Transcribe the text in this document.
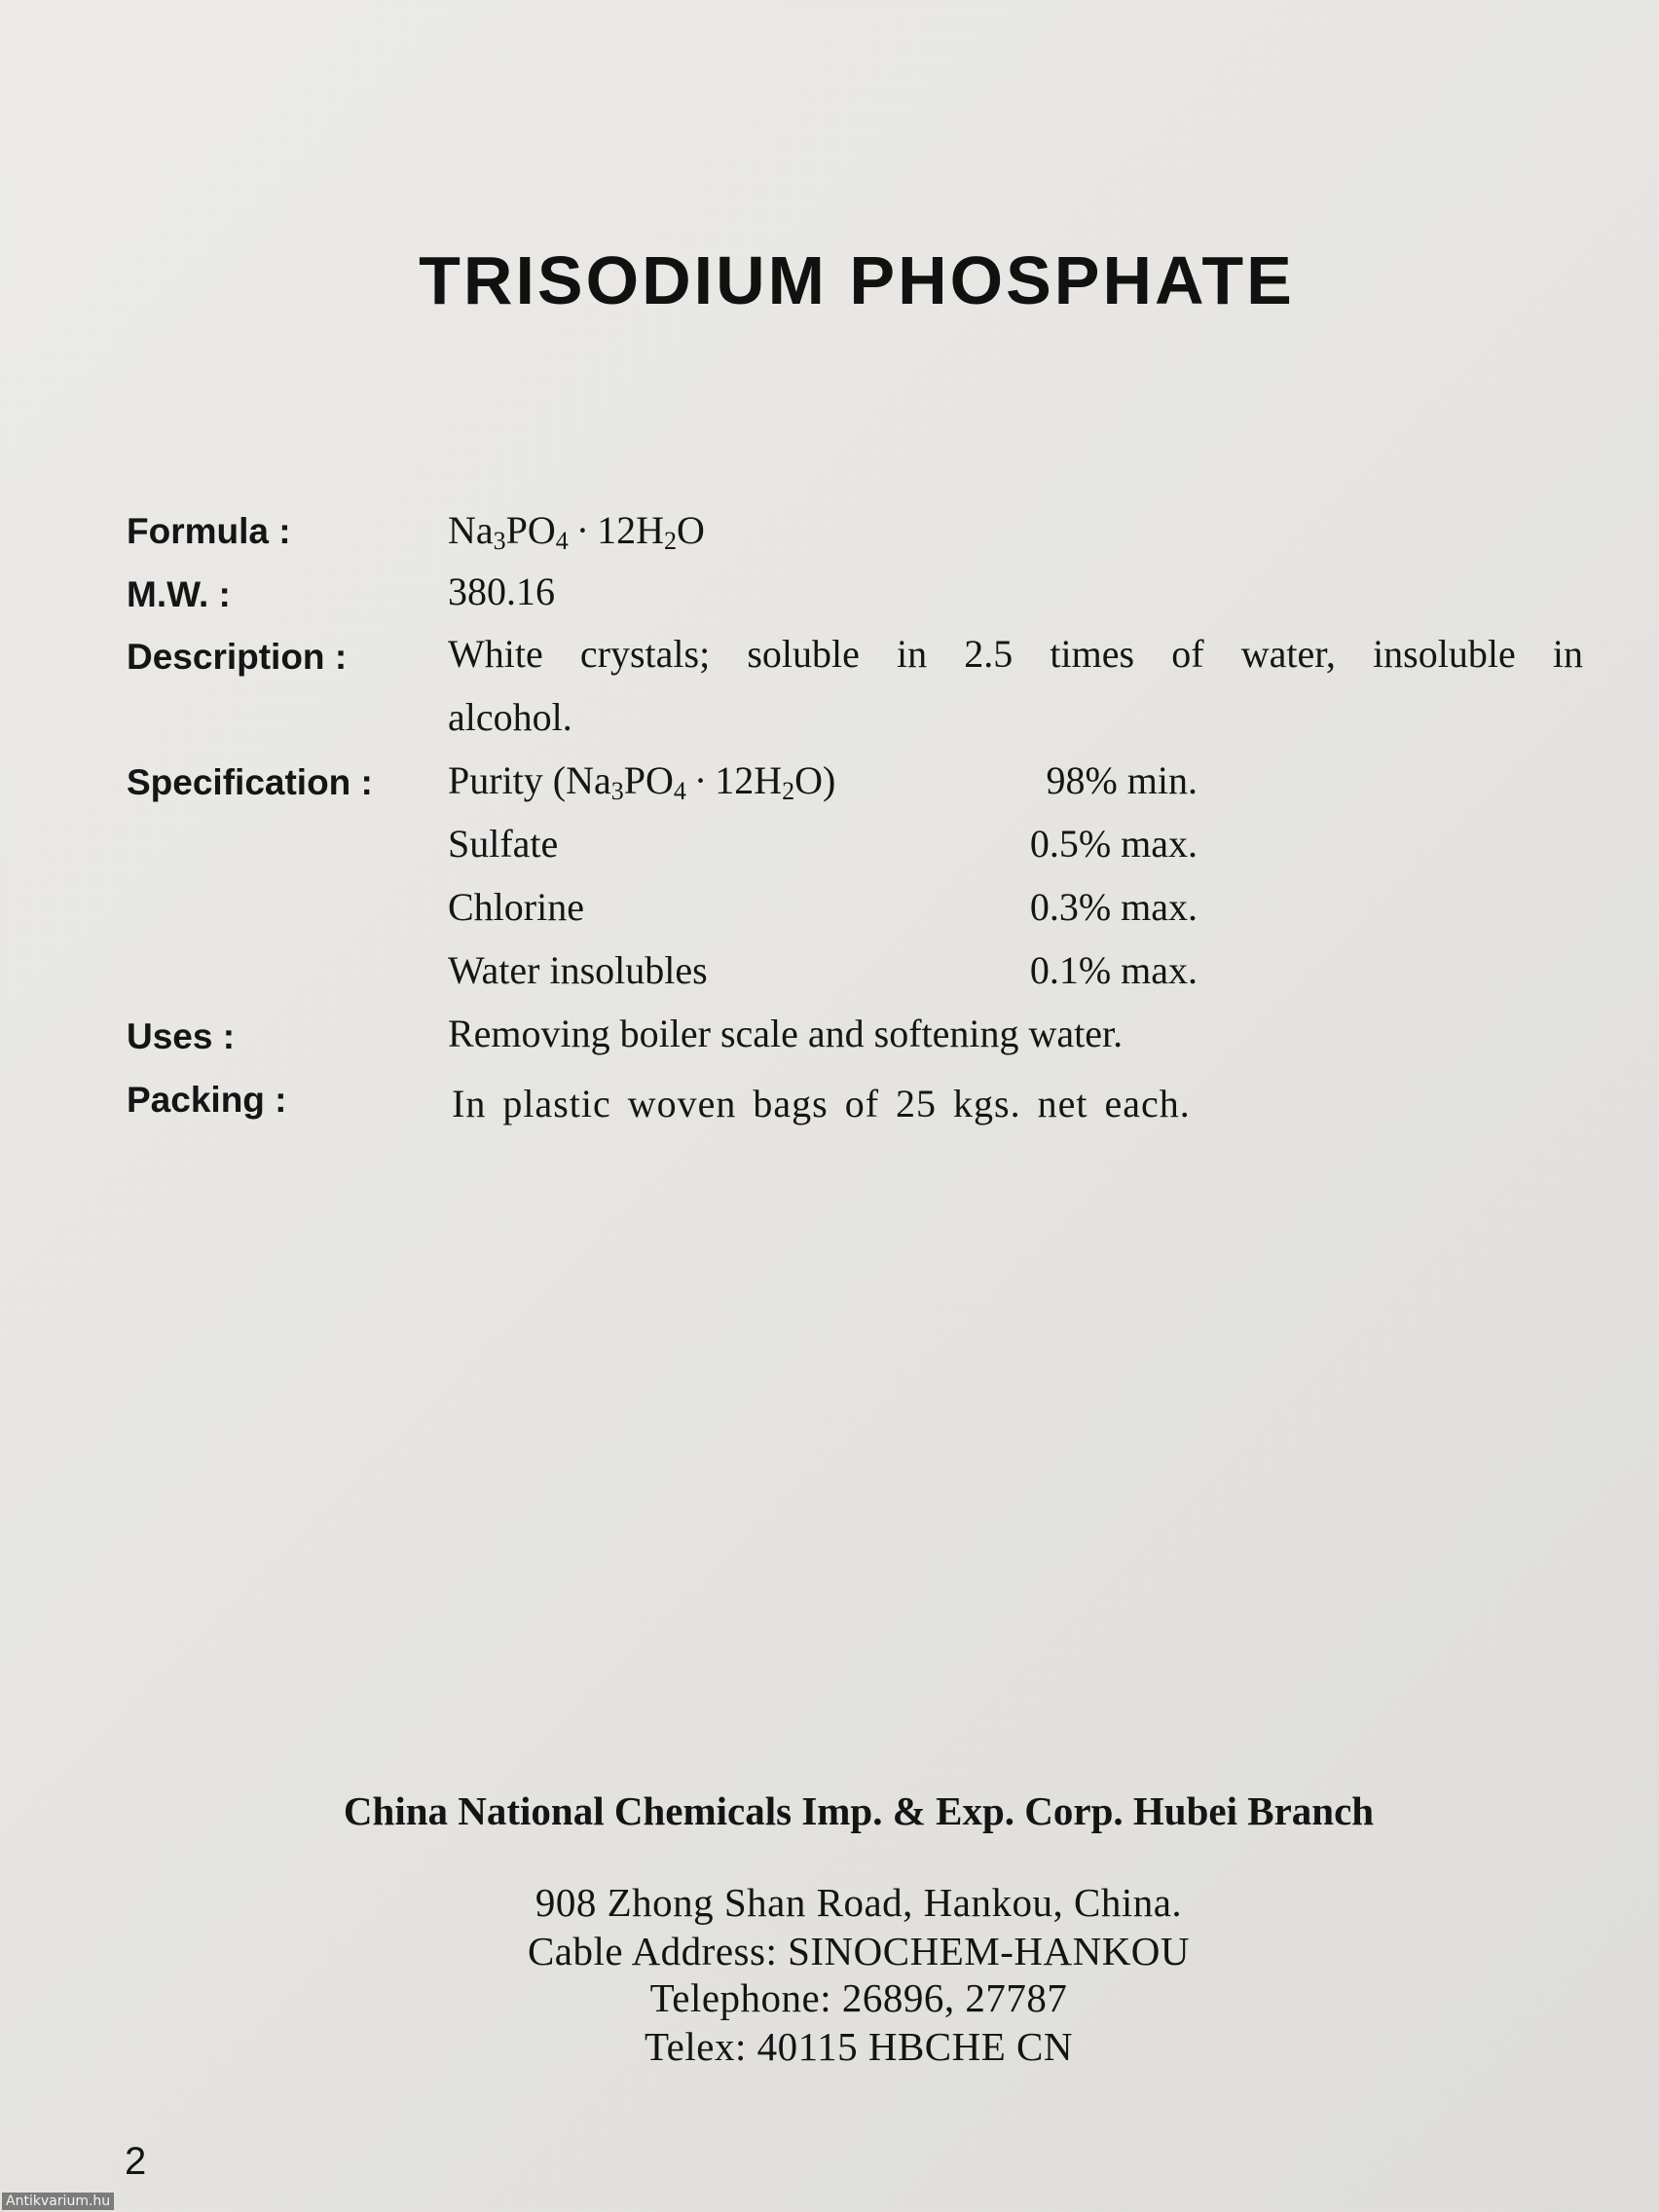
TRISODIUM PHOSPHATE
Formula :	$Na_3PO_4 \cdot 12H_2O$
M.W. :	380.16
Description :	White crystals; soluble in 2.5 times of water, insoluble in
alcohol.
Specification : Purity $(Na_3PO_4 \cdot 12H_2O)$	98% min.
Sulfate	0.5% max.
Chlorine	0.3% max.
Water insolubles	0.1% max.
Uses :	Removing boiler scale and softening water.
Packing :	In plastic woven bags of 25 kgs. net each.
China National Chemicals Imp. & Exp. Corp. Hubei Branch
908 Zhong Shan Road, Hankou, China.
Cable Address: SINOCHEM-HANKOU
Telephone: 26896, 27787
Telex: 40115 HBCHE CN
2
Antikvarium.hu
